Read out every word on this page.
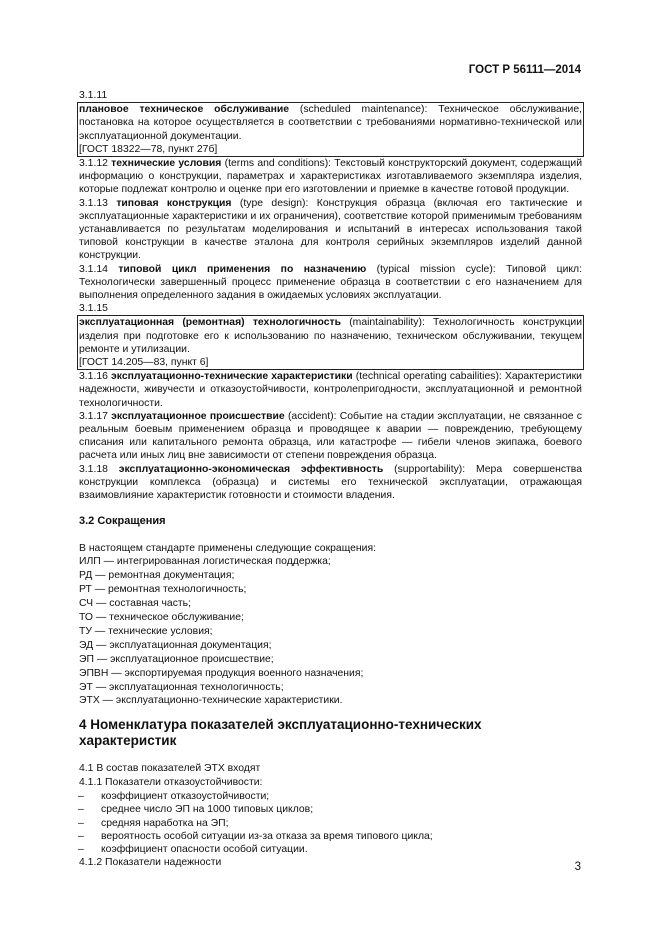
ГОСТ Р 56111—2014

3.1.11

плановое техническое обслуживание (scheduled maintenance): Техническое обслуживание, постановка на которое осуществляется в соответствии с требованиями нормативно-технической или эксплуатационной документации.

[ГОСТ 18322—78, пункт 27б]

3.1.12 технические условия (terms and conditions): Текстовый конструкторский документ, содержащий информацию о конструкции, параметрах и характеристиках изготавливаемого экземпляра изделия, которые подлежат контролю и оценке при его изготовлении и приемке в качестве готовой продукции.

3.1.13 типовая конструкция (type design): Конструкция образца (включая его тактические и эксплуатационные характеристики и их ограничения), соответствие которой применимым требованиям устанавливается по результатам моделирования и испытаний в интересах использования такой типовой конструкции в качестве эталона для контроля серийных экземпляров изделий данной конструкции.

3.1.14 типовой цикл применения по назначению (typical mission cycle): Типовой цикл: Технологически завершенный процесс применение образца в соответствии с его назначением для выполнения определенного задания в ожидаемых условиях эксплуатации.

3.1.15

эксплуатационная (ремонтная) технологичность (maintainability): Технологичность конструкции изделия при подготовке его к использованию по назначению, техническом обслуживании, текущем ремонте и утилизации.

[ГОСТ 14.205—83, пункт 6]

3.1.16 эксплуатационно-технические характеристики (technical operating cabailities): Характеристики надежности, живучести и отказоустойчивости, контролепригодности, эксплуатационной и ремонтной технологичности.

3.1.17 эксплуатационное происшествие (accident): Событие на стадии эксплуатации, не связанное с реальным боевым применением образца и проводящее к аварии — повреждению, требующему списания или капитального ремонта образца, или катастрофе — гибели членов экипажа, боевого расчета или иных лиц вне зависимости от степени повреждения образца.

3.1.18 эксплуатационно-экономическая эффективность (supportability): Мера совершенства конструкции комплекса (образца) и системы его технической эксплуатации, отражающая взаимовлияние характеристик готовности и стоимости владения.

3.2 Сокращения

В настоящем стандарте применены следующие сокращения:

ИЛП — интегрированная логистическая поддержка;

РД — ремонтная документация;

РТ — ремонтная технологичность;

СЧ — составная часть;

ТО — техническое обслуживание;

ТУ — технические условия;

ЭД — эксплуатационная документация;

ЭП — эксплуатационное происшествие;

ЭПВН — экспортируемая продукция военного назначения;

ЭТ — эксплуатационная технологичность;

ЭТХ — эксплуатационно-технические характеристики.

4 Номенклатура показателей эксплуатационно-технических характеристик

4.1 В состав показателей ЭТХ входят

4.1.1 Показатели отказоустойчивости:

– коэффициент отказоустойчивости;

– среднее число ЭП на 1000 типовых циклов;

– средняя наработка на ЭП;

– вероятность особой ситуации из-за отказа за время типового цикла;

– коэффициент опасности особой ситуации.

4.1.2 Показатели надежности	3
